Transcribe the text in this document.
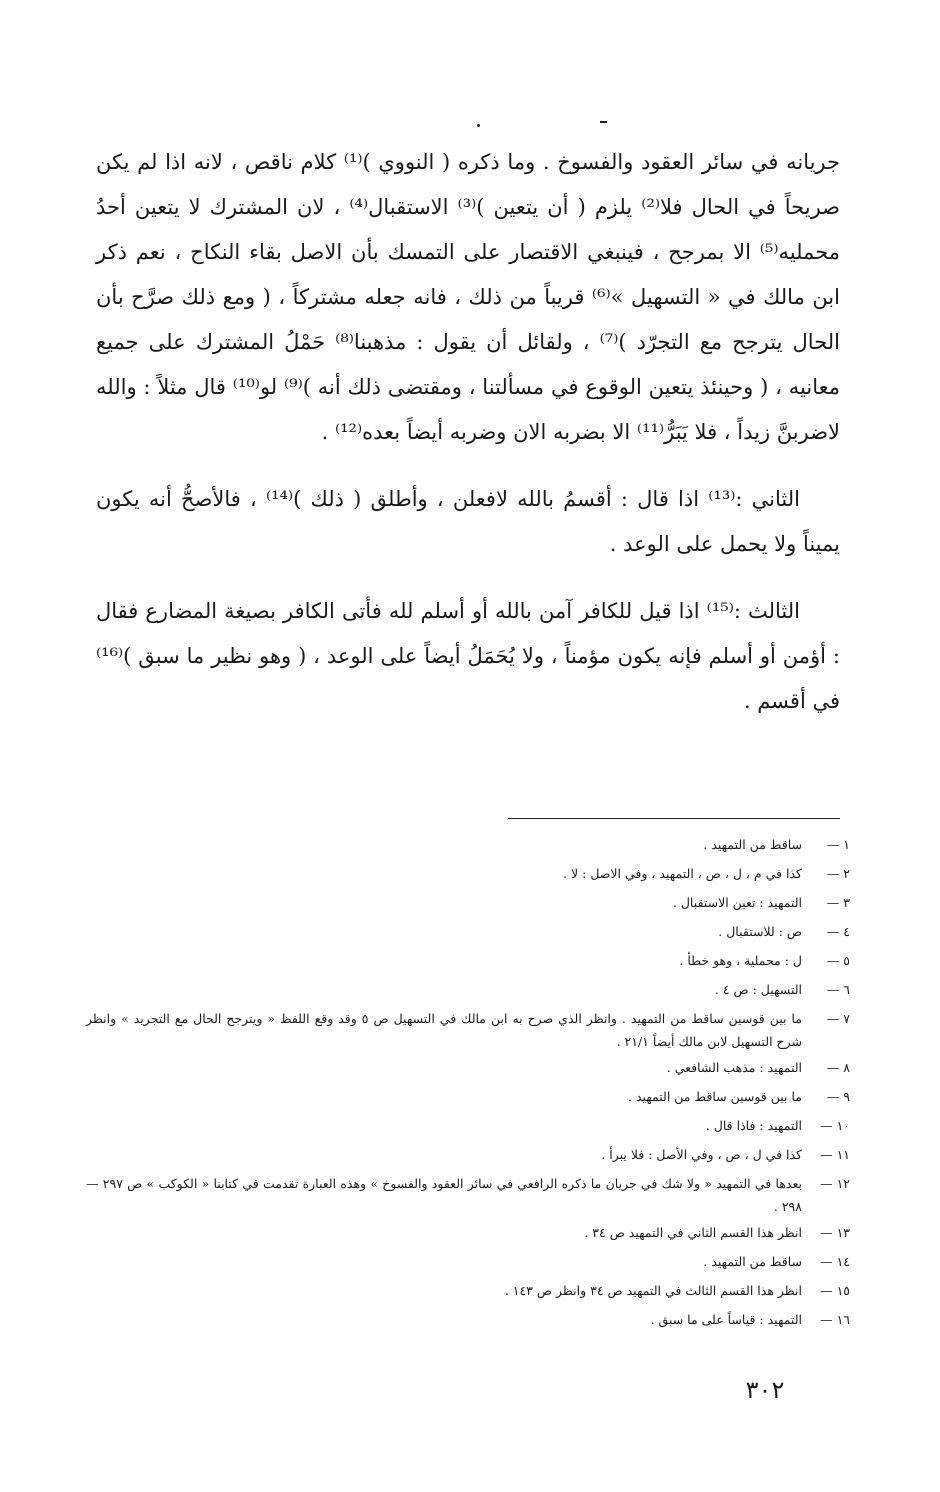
جريانه في سائر العقود والفسوخ . وما ذكره ( النووي )⁽¹⁾ كلام ناقص ، لانه اذا لم يكن صريحاً في الحال فلا⁽²⁾ يلزم ( أن يتعين )⁽³⁾ الاستقبال⁽⁴⁾ ، لان المشترك لا يتعين أحدُ محمليه⁽⁵⁾ الا بمرجح ، فينبغي الاقتصار على التمسك بأن الاصل بقاء النكاح ، نعم ذكر ابن مالك في « التسهيل »⁽⁶⁾ قريباً من ذلك ، فانه جعله مشتركاً ، ( ومع ذلك صرَّح بأن الحال يترجح مع التجرّد )⁽⁷⁾ ، ولقائل أن يقول : مذهبنا⁽⁸⁾ حَمْلُ المشترك على جميع معانيه ، ( وحينئذ يتعين الوقوع في مسألتنا ، ومقتضى ذلك أنه )⁽⁹⁾ لو⁽¹⁰⁾ قال مثلاً : والله لاضربنَّ زيداً ، فلا يَبَرُّ⁽¹¹⁾ الا بضربه الان وضربه أيضاً بعده⁽¹²⁾ .

الثاني :⁽¹³⁾ اذا قال : أقسمُ بالله لافعلن ، وأطلق ( ذلك )⁽¹⁴⁾ ، فالأصحُّ أنه يكون يميناً ولا يحمل على الوعد .

الثالث :⁽¹⁵⁾ اذا قيل للكافر آمن بالله أو أسلم لله فأتى الكافر بصيغة المضارع فقال : أؤمن أو أسلم فإنه يكون مؤمناً ، ولا يُحَمَلُ أيضاً على الوعد ، ( وهو نظير ما سبق )⁽¹⁶⁾ في أقسم .

١ —
ساقط من التمهيد .
٢ —
كذا في م ، ل ، ص ، التمهيد ، وفي الاصل : لا .
٣ —
التمهيد : تعين الاستقبال .
٤ —
ص : للاستقبال .
٥ —
ل : محملية ، وهو خطأ .
٦ —
التسهيل : ص ٤ .
٧ —
ما بين قوسين ساقط من التمهيد . وانظر الذي صرح به ابن مالك في التسهيل ص ٥ وقد وقع اللفظ « ويترجح الحال مع التجريد » وانظر شرح التسهيل لابن مالك أيضاً ٢١/١ .
٨ —
التمهيد : مذهب الشافعي .
٩ —
ما بين قوسين ساقط من التمهيد .
١٠ —
التمهيد : فاذا قال .
١١ —
كذا في ل ، ص ، وفي الأصل : فلا يبرأ .
١٢ —
بعدها في التمهيد « ولا شك في جريان ما ذكره الرافعي في سائر العقود والفسوخ » وهذه العبارة تقدمت في كتابنا « الكوكب » ص ٢٩٧ — ٢٩٨ .
١٣ —
انظر هذا القسم الثاني في التمهيد ص ٣٤ .
١٤ —
ساقط من التمهيد .
١٥ —
انظر هذا القسم الثالث في التمهيد ص ٣٤ وانظر ص ١٤٣ .
١٦ —
التمهيد : قياساً على ما سبق .
٣٠٢
